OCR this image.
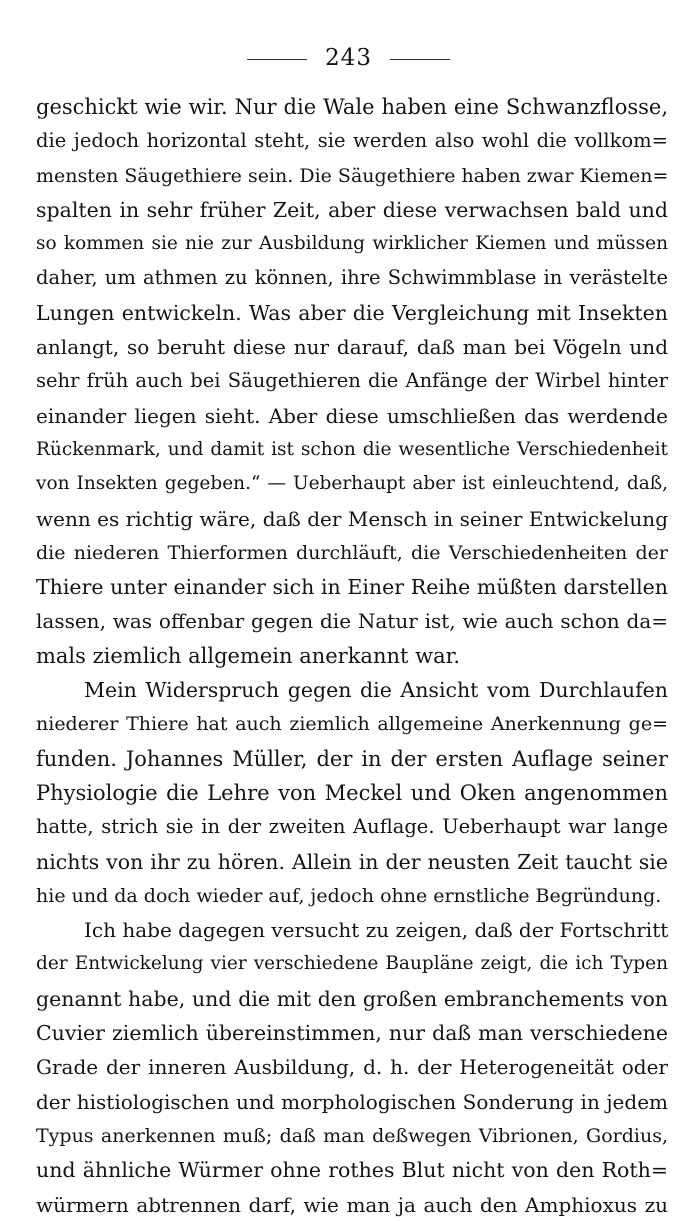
243
geschickt wie wir. Nur die Wale haben eine Schwanzflosse,
die jedoch horizontal steht, sie werden also wohl die vollkom=
mensten Säugethiere sein. Die Säugethiere haben zwar Kiemen=
spalten in sehr früher Zeit, aber diese verwachsen bald und
so kommen sie nie zur Ausbildung wirklicher Kiemen und müssen
daher, um athmen zu können, ihre Schwimmblase in verästelte
Lungen entwickeln. Was aber die Vergleichung mit Insekten
anlangt, so beruht diese nur darauf, daß man bei Vögeln und
sehr früh auch bei Säugethieren die Anfänge der Wirbel hinter
einander liegen sieht. Aber diese umschließen das werdende
Rückenmark, und damit ist schon die wesentliche Verschiedenheit
von Insekten gegeben.“ — Ueberhaupt aber ist einleuchtend, daß,
wenn es richtig wäre, daß der Mensch in seiner Entwickelung
die niederen Thierformen durchläuft, die Verschiedenheiten der
Thiere unter einander sich in Einer Reihe müßten darstellen
lassen, was offenbar gegen die Natur ist, wie auch schon da=
mals ziemlich allgemein anerkannt war.
Mein Widerspruch gegen die Ansicht vom Durchlaufen
niederer Thiere hat auch ziemlich allgemeine Anerkennung ge=
funden. Johannes Müller, der in der ersten Auflage seiner
Physiologie die Lehre von Meckel und Oken angenommen
hatte, strich sie in der zweiten Auflage. Ueberhaupt war lange
nichts von ihr zu hören. Allein in der neusten Zeit taucht sie
hie und da doch wieder auf, jedoch ohne ernstliche Begründung.
Ich habe dagegen versucht zu zeigen, daß der Fortschritt
der Entwickelung vier verschiedene Baupläne zeigt, die ich Typen
genannt habe, und die mit den großen embranchements von
Cuvier ziemlich übereinstimmen, nur daß man verschiedene
Grade der inneren Ausbildung, d. h. der Heterogeneität oder
der histiologischen und morphologischen Sonderung in jedem
Typus anerkennen muß; daß man deßwegen Vibrionen, Gordius,
und ähnliche Würmer ohne rothes Blut nicht von den Roth=
würmern abtrennen darf, wie man ja auch den Amphioxus zu
